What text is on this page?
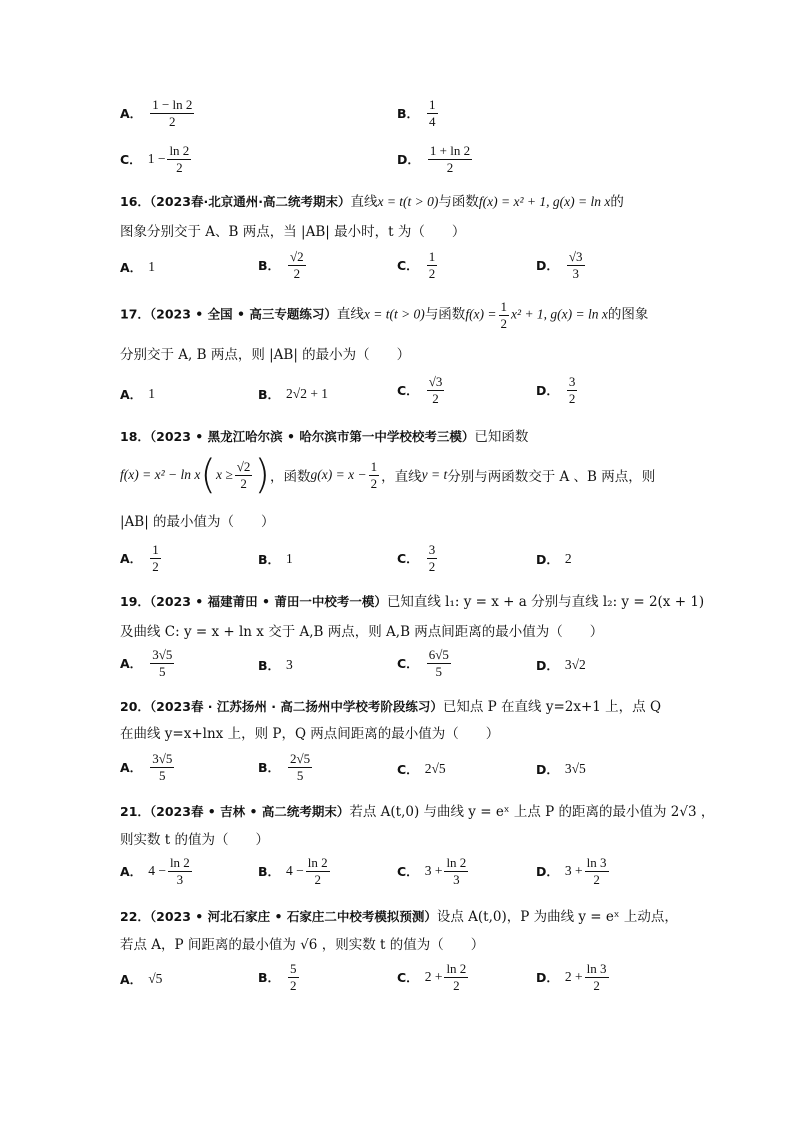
A． $\frac{1 - \ln 2}{2}$	B． $\frac{1}{4}$
C． $1 - \frac{\ln 2}{2}$	D． $\frac{1 + \ln 2}{2}$
16．（2023春·北京通州·高二统考期末）直线x = t(t > 0)与函数f(x) = x² + 1, g(x) = ln x的
图象分别交于 A、B 两点，当 |AB| 最小时，t 为（　　）
A． 1	B． $\frac{√2}{2}$	C． $\frac{1}{2}$	D． $\frac{√3}{3}$
17．（2023 • 全国 • 高三专题练习）直线x = t(t > 0)与函数$f(x) = \frac{1}{2} x^2 + 1$, g(x) = ln x的图象
分别交于 A, B 两点，则 |AB| 的最小为（　　）
A． 1	B． 2√2 + 1	C． $\frac{√3}{2}$	D． $\frac{3}{2}$
18．（2023 • 黑龙江哈尔滨 • 哈尔滨市第一中学校校考三模）已知函数
f(x) = x² − ln x ( $x \ge \frac{√2}{2}$ ) ，函数 $g(x) = x - \frac{1}{2}$ ，直线 y = t 分别与两函数交于 A 、B 两点，则
|AB| 的最小值为（　　）
A． $\frac{1}{2}$	B． 1	C． $\frac{3}{2}$	D． 2
19．（2023 • 福建莆田 • 莆田一中校考一模）已知直线 l₁: y = x + a 分别与直线 l₂: y = 2(x + 1)
及曲线 C: y = x + ln x 交于 A,B 两点，则 A,B 两点间距离的最小值为（　　）
A． $\frac{3√5}{5}$	B． 3	C． $\frac{6√5}{5}$	D． 3√2
20．（2023春 · 江苏扬州 · 高二扬州中学校考阶段练习）已知点 P 在直线 y=2x+1 上，点 Q
在曲线 y=x+lnx 上，则 P，Q 两点间距离的最小值为（　　）
A． $\frac{3√5}{5}$	B． $\frac{2√5}{5}$	C． 2√5	D． 3√5
21．（2023春 • 吉林 • 高二统考期末）若点 A(t,0) 与曲线 y = eˣ 上点 P 的距离的最小值为 2√3 ，
则实数 t 的值为（　　）
A． $4 - \frac{\ln 2}{3}$	B． $4 - \frac{\ln 2}{2}$	C． $3 + \frac{\ln 2}{3}$	D． $3 + \frac{\ln 3}{2}$
22．（2023 • 河北石家庄 • 石家庄二中校考模拟预测）设点 A(t,0)，P 为曲线 y = eˣ 上动点，
若点 A，P 间距离的最小值为 √6 ，则实数 t 的值为（　　）
A． √5	B． $\frac{5}{2}$	C． $2 + \frac{\ln 2}{2}$	D． $2 + \frac{\ln 3}{2}$
